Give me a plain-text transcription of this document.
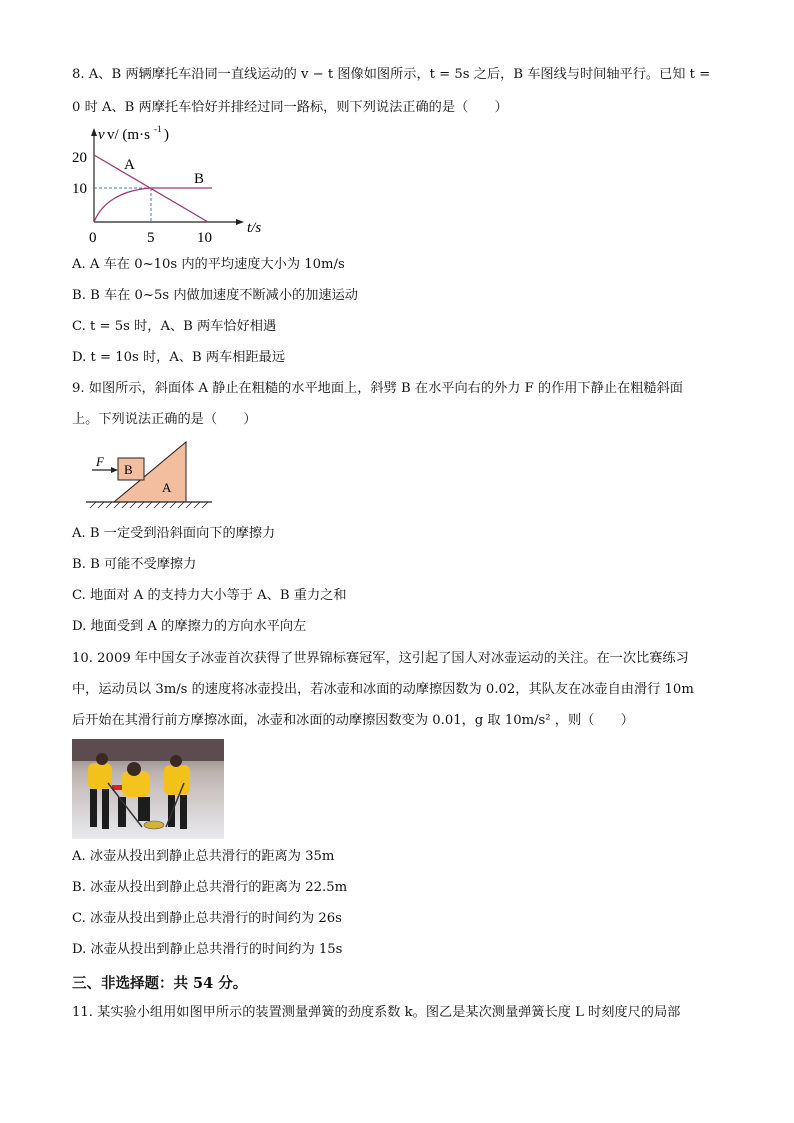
8. A、B 两辆摩托车沿同一直线运动的 v − t 图像如图所示，t = 5s 之后，B 车图线与时间轴平行。已知 t =
0 时 A、B 两摩托车恰好并排经过同一路标，则下列说法正确的是（　　）
v v/ (m·s -1 )
t/s
20
10
0	5	10
A
B
A. A 车在 0~10s 内的平均速度大小为 10m/s
B. B 车在 0~5s 内做加速度不断减小的加速运动
C. t = 5s 时，A、B 两车恰好相遇
D. t = 10s 时，A、B 两车相距最远
9. 如图所示，斜面体 A 静止在粗糙的水平地面上，斜劈 B 在水平向右的外力 F 的作用下静止在粗糙斜面
上。下列说法正确的是（　　）
F
B
A
A. B 一定受到沿斜面向下的摩擦力
B. B 可能不受摩擦力
C. 地面对 A 的支持力大小等于 A、B 重力之和
D. 地面受到 A 的摩擦力的方向水平向左
10. 2009 年中国女子冰壶首次获得了世界锦标赛冠军，这引起了国人对冰壶运动的关注。在一次比赛练习
中，运动员以 3m/s 的速度将冰壶投出，若冰壶和冰面的动摩擦因数为 0.02，其队友在冰壶自由滑行 10m
后开始在其滑行前方摩擦冰面，冰壶和冰面的动摩擦因数变为 0.01，g 取 10m/s² ，则（　　）
A. 冰壶从投出到静止总共滑行的距离为 35m
B. 冰壶从投出到静止总共滑行的距离为 22.5m
C. 冰壶从投出到静止总共滑行的时间约为 26s
D. 冰壶从投出到静止总共滑行的时间约为 15s
三、非选择题：共 54 分。
11. 某实验小组用如图甲所示的装置测量弹簧的劲度系数 k。图乙是某次测量弹簧长度 L 时刻度尺的局部
